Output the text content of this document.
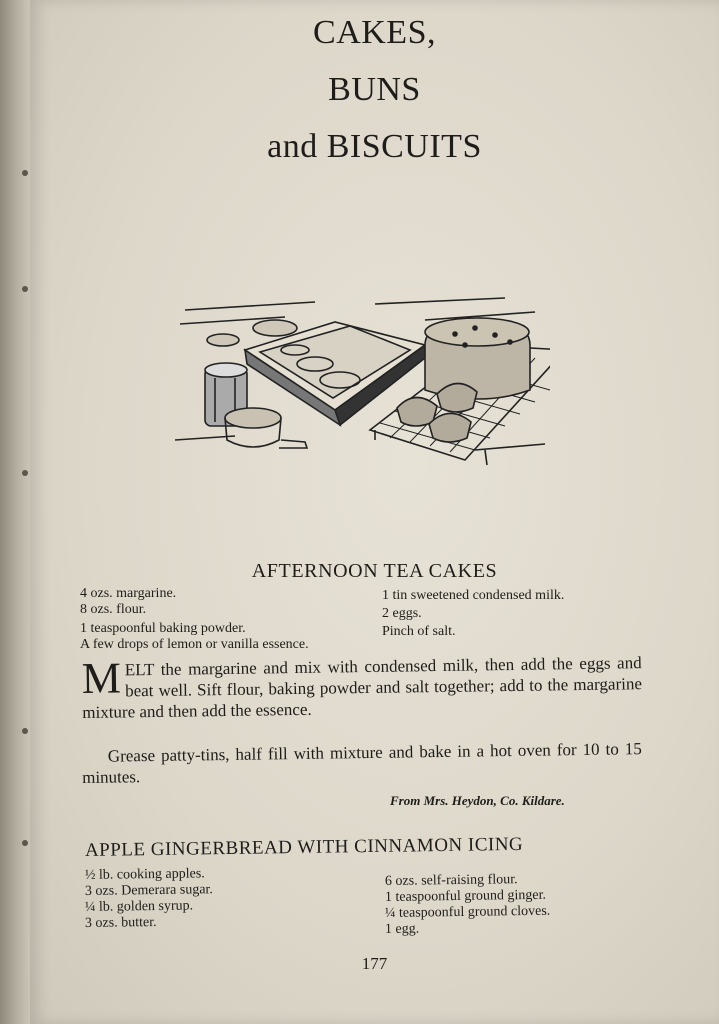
CAKES,
BUNS
and BISCUITS
AFTERNOON TEA CAKES
4 ozs. margarine.
8 ozs. flour.
1 teaspoonful baking powder.
A few drops of lemon or vanilla essence.
1 tin sweetened condensed milk.
2 eggs.
Pinch of salt.
M ELT the margarine and mix with condensed milk, then add the eggs and beat well. Sift flour, baking powder and salt together; add to the margarine mixture and then add the essence.
Grease patty-tins, half fill with mixture and bake in a hot oven for 10 to 15 minutes.
From Mrs. Heydon, Co. Kildare.
APPLE GINGERBREAD WITH CINNAMON ICING
½ lb. cooking apples.
3 ozs. Demerara sugar.
¼ lb. golden syrup.
3 ozs. butter.
6 ozs. self-raising flour.
1 teaspoonful ground ginger.
¼ teaspoonful ground cloves.
1 egg.
177
